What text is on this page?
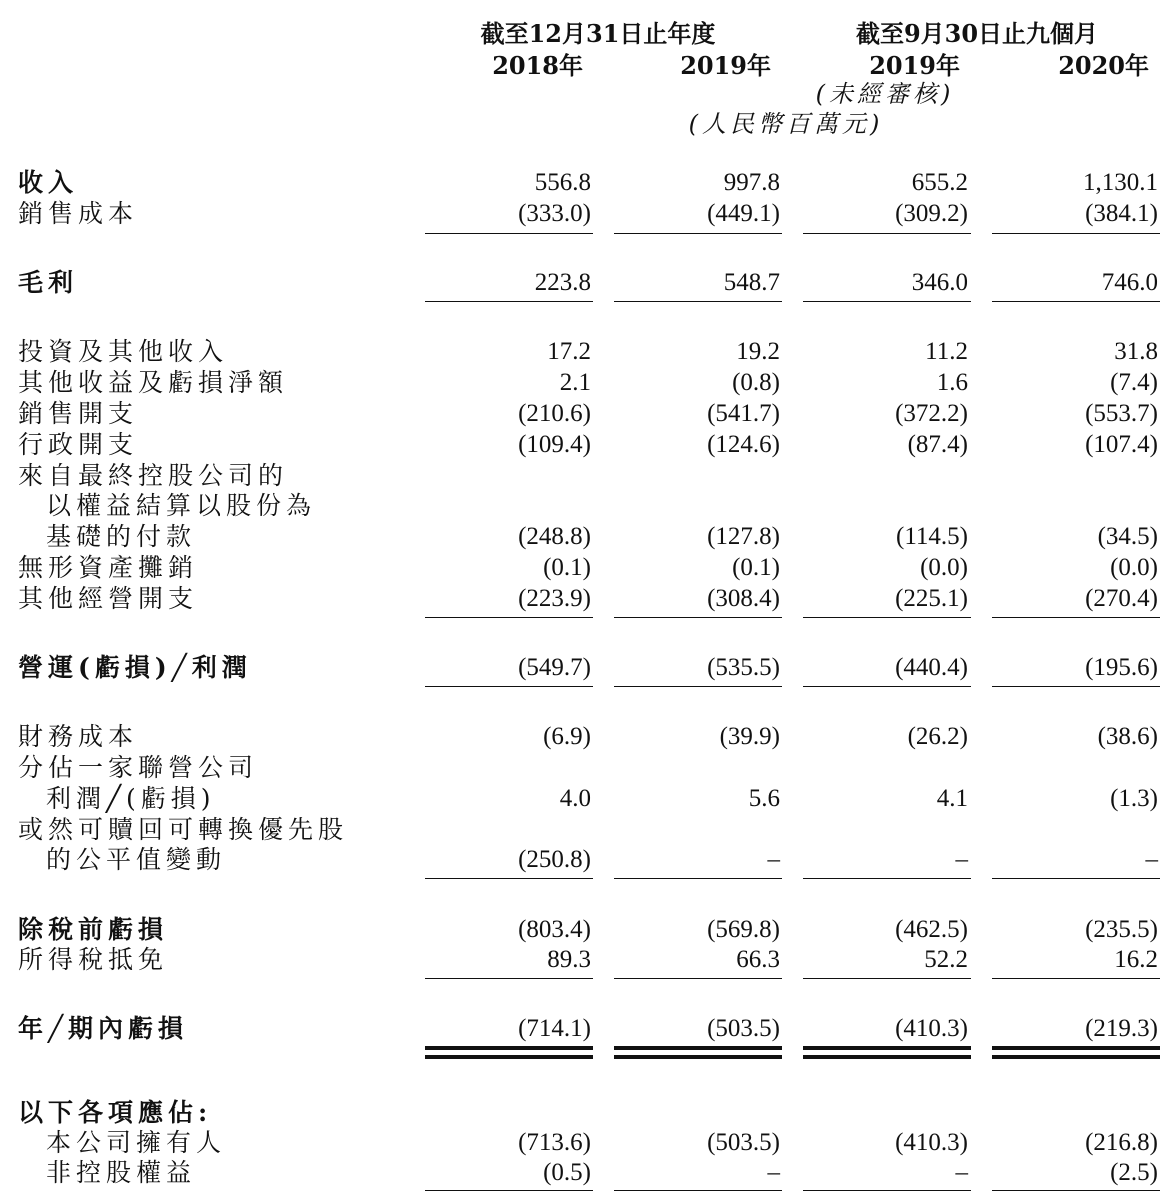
截至12月31日止年度	截至9月30日止九個月
2018年	2019年	2019年	2020年
(未經審核)
(人民幣百萬元)
收入	556.8	997.8	655.2	1,130.1
銷售成本	(333.0)	(449.1)	(309.2)	(384.1)
毛利	223.8	548.7	346.0	746.0
投資及其他收入	17.2	19.2	11.2	31.8
其他收益及虧損淨額	2.1	(0.8)	1.6	(7.4)
銷售開支	(210.6)	(541.7)	(372.2)	(553.7)
行政開支	(109.4)	(124.6)	(87.4)	(107.4)
來自最終控股公司的
以權益結算以股份為
基礎的付款	(248.8)	(127.8)	(114.5)	(34.5)
無形資產攤銷	(0.1)	(0.1)	(0.0)	(0.0)
其他經營開支	(223.9)	(308.4)	(225.1)	(270.4)
營運(虧損)╱利潤	(549.7)	(535.5)	(440.4)	(195.6)
財務成本	(6.9)	(39.9)	(26.2)	(38.6)
分佔一家聯營公司
利潤╱(虧損)	4.0	5.6	4.1	(1.3)
或然可贖回可轉換優先股
的公平值變動	(250.8)	–	–	–
除稅前虧損	(803.4)	(569.8)	(462.5)	(235.5)
所得稅抵免	89.3	66.3	52.2	16.2
年╱期內虧損	(714.1)	(503.5)	(410.3)	(219.3)
以下各項應佔:
本公司擁有人	(713.6)	(503.5)	(410.3)	(216.8)
非控股權益	(0.5)	–	–	(2.5)
